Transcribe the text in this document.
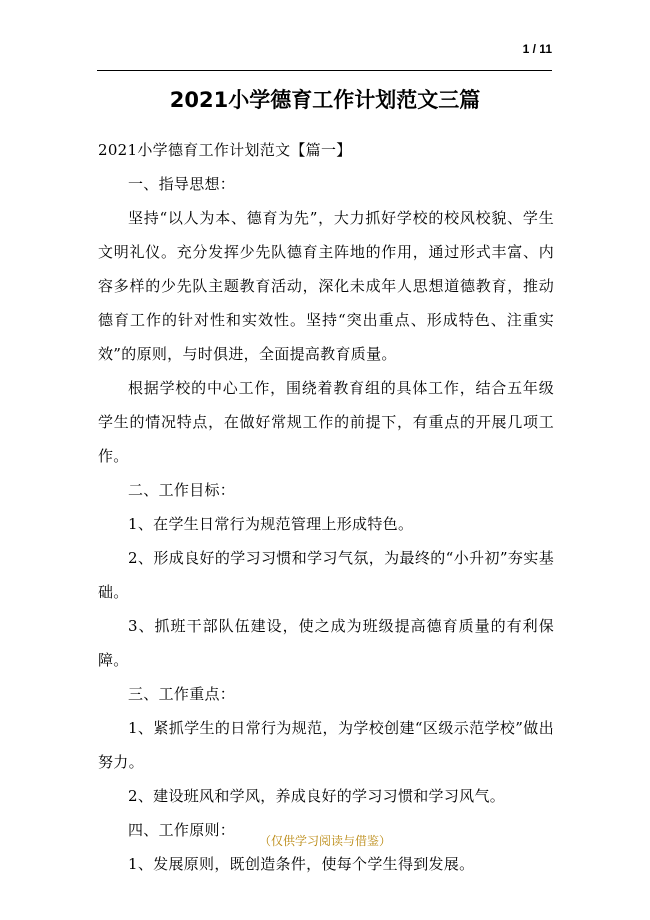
1 / 11
2021小学德育工作计划范文三篇

2021小学德育工作计划范文【篇一】

一、指导思想：

坚持“以人为本、德育为先”，大力抓好学校的校风校貌、学生文明礼仪。充分发挥少先队德育主阵地的作用，通过形式丰富、内容多样的少先队主题教育活动，深化未成年人思想道德教育，推动德育工作的针对性和实效性。坚持“突出重点、形成特色、注重实效”的原则，与时俱进，全面提高教育质量。

根据学校的中心工作，围绕着教育组的具体工作，结合五年级学生的情况特点，在做好常规工作的前提下，有重点的开展几项工作。

二、工作目标：

1、在学生日常行为规范管理上形成特色。

2、形成良好的学习习惯和学习气氛，为最终的“小升初”夯实基础。

3、抓班干部队伍建设，使之成为班级提高德育质量的有利保障。

三、工作重点：

1、紧抓学生的日常行为规范，为学校创建“区级示范学校”做出努力。

2、建设班风和学风，养成良好的学习习惯和学习风气。

四、工作原则：

1、发展原则，既创造条件，使每个学生得到发展。

（仅供学习阅读与借鉴）
